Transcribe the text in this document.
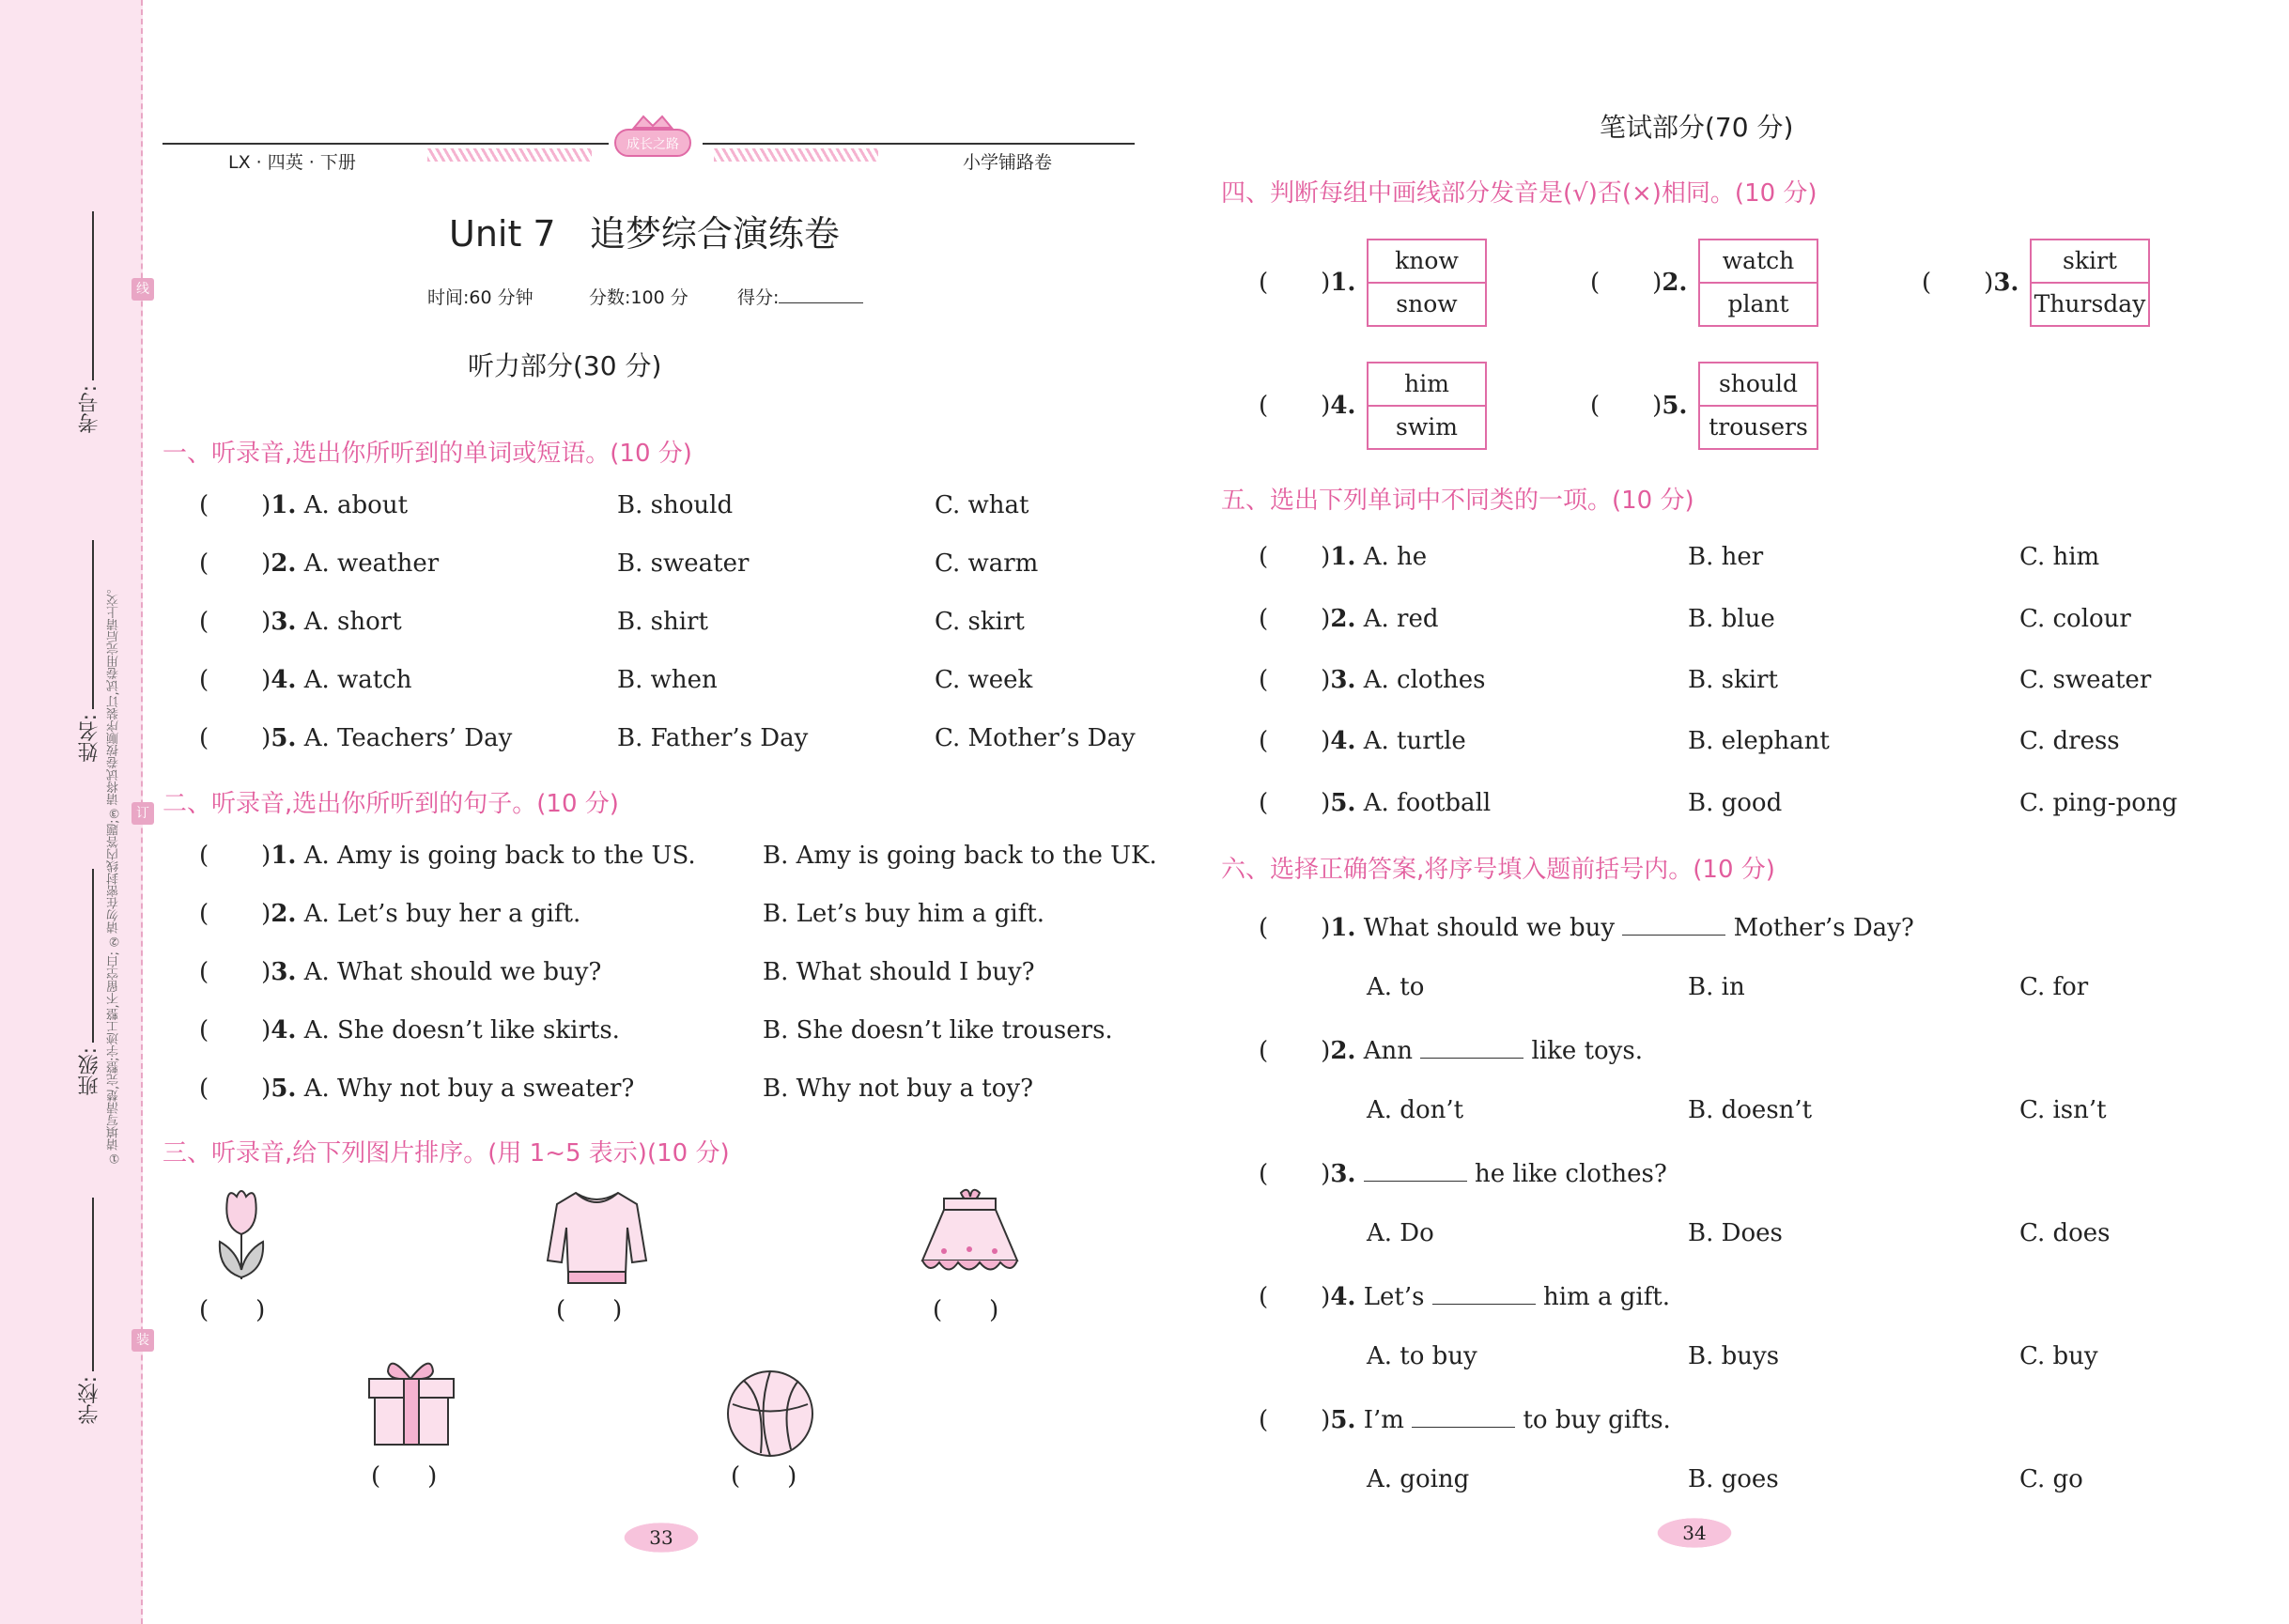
考号:
姓名:
班级:
学校:
线
订
装
①请填写清楚,完整;字迹工整,不留空白; ②请勿在密封线内答题;③请将试卷按顺序装订,试卷用完后请上交。
LX · 四英 · 下册
成长之路
小学铺路卷
Unit 7   追梦综合演练卷
时间:60 分钟	分数:100 分	得分:
听力部分(30 分)
一、听录音,选出你所听到的单词或短语。(10 分)
( )1. A. about	B. should	C. what
( )2. A. weather	B. sweater	C. warm
( )3. A. short	B. shirt	C. skirt
( )4. A. watch	B. when	C. week
( )5. A. Teachers’ Day	B. Father’s Day	C. Mother’s Day
二、听录音,选出你所听到的句子。(10 分)
( )1. A. Amy is going back to the US.	B. Amy is going back to the UK.
( )2. A. Let’s buy her a gift.	B. Let’s buy him a gift.
( )3. A. What should we buy?	B. What should I buy?
( )4. A. She doesn’t like skirts.	B. She doesn’t like trousers.
( )5. A. Why not buy a sweater?	B. Why not buy a toy?
三、听录音,给下列图片排序。(用 1~5 表示)(10 分)
( )	( )	( )
( )	( )
33
笔试部分(70 分)
四、判断每组中画线部分发音是(√)否(×)相同。(10 分)
( )1.
know
snow
( )2.
watch
plant
( )3.
skirt
Thursday
( )4.
him
swim
( )5.
should
trousers
五、选出下列单词中不同类的一项。(10 分)
( )1. A. he	B. her	C. him
( )2. A. red	B. blue	C. colour
( )3. A. clothes	B. skirt	C. sweater
( )4. A. turtle	B. elephant	C. dress
( )5. A. football	B. good	C. ping-pong
六、选择正确答案,将序号填入题前括号内。(10 分)
( )1. What should we buy	Mother’s Day?
A. to	B. in	C. for
( )2. Ann	like toys.
A. don’t	B. doesn’t	C. isn’t
( )3.	he like clothes?
A. Do	B. Does	C. does
( )4. Let’s	him a gift.
A. to buy	B. buys	C. buy
( )5. I’m	to buy gifts.
A. going	B. goes	C. go
34
